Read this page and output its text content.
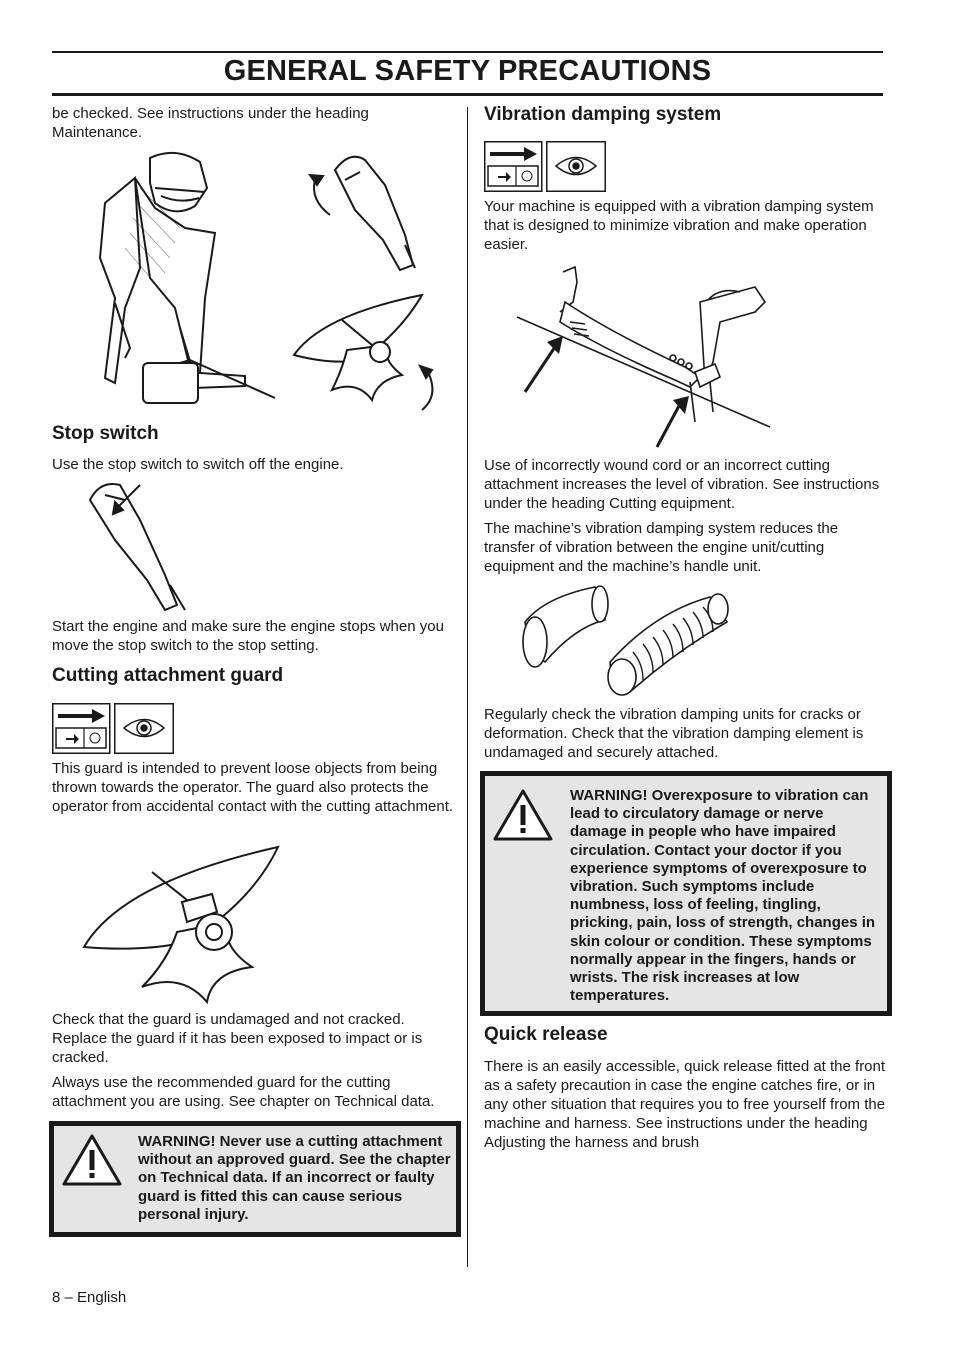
GENERAL SAFETY PRECAUTIONS

be checked. See instructions under the heading Maintenance.

Stop switch

Use the stop switch to switch off the engine.

Start the engine and make sure the engine stops when you move the stop switch to the stop setting.

Cutting attachment guard

This guard is intended to prevent loose objects from being thrown towards the operator. The guard also protects the operator from accidental contact with the cutting attachment.

Check that the guard is undamaged and not cracked. Replace the guard if it has been exposed to impact or is cracked.

Always use the recommended guard for the cutting attachment you are using. See chapter on Technical data.

WARNING! Never use a cutting attachment without an approved guard. See the chapter on Technical data. If an incorrect or faulty guard is fitted this can cause serious personal injury.
Vibration damping system

Your machine is equipped with a vibration damping system that is designed to minimize vibration and make operation easier.

Use of incorrectly wound cord or an incorrect cutting attachment increases the level of vibration. See instructions under the heading Cutting equipment.

The machine’s vibration damping system reduces the transfer of vibration between the engine unit/cutting equipment and the machine’s handle unit.

Regularly check the vibration damping units for cracks or deformation. Check that the vibration damping element is undamaged and securely attached.

WARNING! Overexposure to vibration can lead to circulatory damage or nerve damage in people who have impaired circulation. Contact your doctor if you experience symptoms of overexposure to vibration. Such symptoms include numbness, loss of feeling, tingling, pricking, pain, loss of strength, changes in skin colour or condition. These symptoms normally appear in the fingers, hands or wrists. The risk increases at low temperatures.
Quick release

There is an easily accessible, quick release fitted at the front as a safety precaution in case the engine catches fire, or in any other situation that requires you to free yourself from the machine and harness. See instructions under the heading Adjusting the harness and brush

8 – English
